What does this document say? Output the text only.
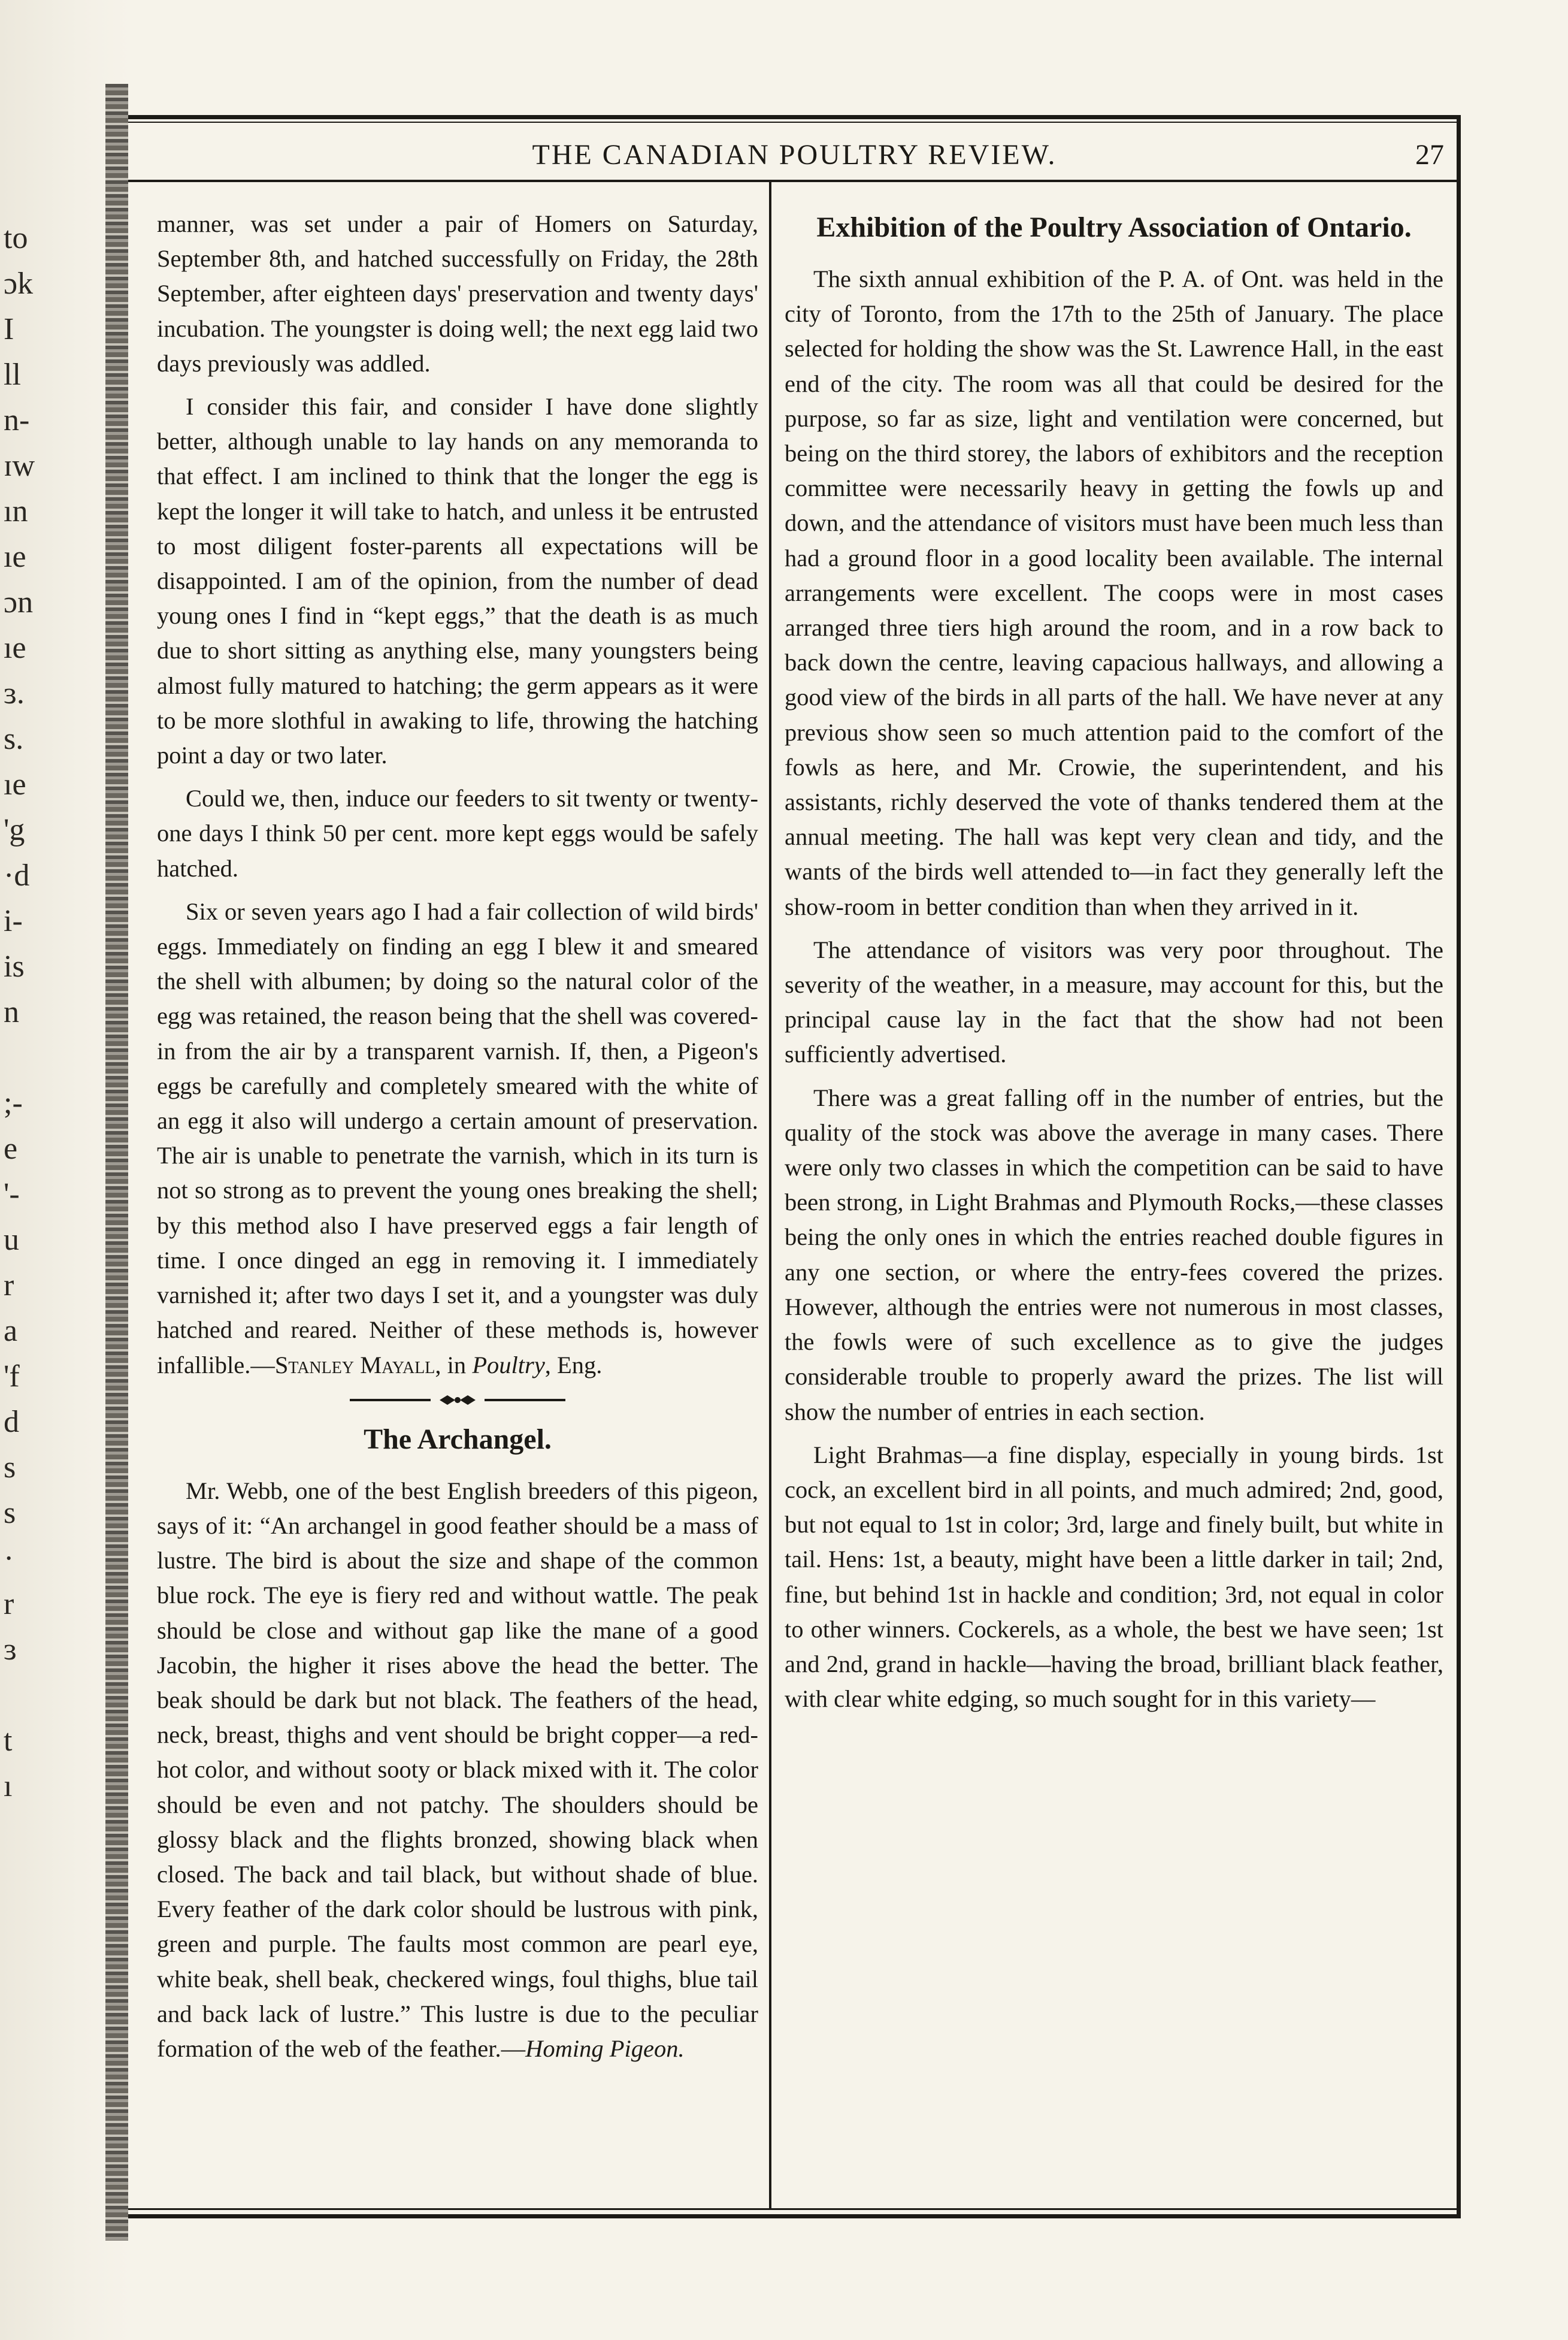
to
ɔk
I
ll
n-
ɪw
ın
ıe
ɔn
ıe
ɜ.
s.
ıe
'g
·d
i-
is
n
;-
e
'-
u
r
a
'f
d
s
s
·
r
ɜ
t
ı
THE CANADIAN POULTRY REVIEW.	27

manner, was set under a pair of Homers on Saturday, September 8th, and hatched successfully on Friday, the 28th September, after eighteen days' preservation and twenty days' incubation. The youngster is doing well; the next egg laid two days previously was addled.

I consider this fair, and consider I have done slightly better, although unable to lay hands on any memoranda to that effect. I am inclined to think that the longer the egg is kept the longer it will take to hatch, and unless it be entrusted to most diligent foster-parents all expectations will be disappointed. I am of the opinion, from the number of dead young ones I find in “kept eggs,” that the death is as much due to short sitting as anything else, many youngsters being almost fully matured to hatching; the germ appears as it were to be more slothful in awaking to life, throwing the hatching point a day or two later.

Could we, then, induce our feeders to sit twenty or twenty-one days I think 50 per cent. more kept eggs would be safely hatched.

Six or seven years ago I had a fair collection of wild birds' eggs. Immediately on finding an egg I blew it and smeared the shell with albumen; by doing so the natural color of the egg was retained, the reason being that the shell was covered-in from the air by a transparent varnish. If, then, a Pigeon's eggs be carefully and completely smeared with the white of an egg it also will undergo a certain amount of preservation. The air is unable to penetrate the varnish, which in its turn is not so strong as to prevent the young ones breaking the shell; by this method also I have preserved eggs a fair length of time. I once dinged an egg in removing it. I immediately varnished it; after two days I set it, and a youngster was duly hatched and reared. Neither of these methods is, however infallible.—Stanley Mayall, in Poultry, Eng.

The Archangel.

Mr. Webb, one of the best English breeders of this pigeon, says of it: “An archangel in good feather should be a mass of lustre. The bird is about the size and shape of the common blue rock. The eye is fiery red and without wattle. The peak should be close and without gap like the mane of a good Jacobin, the higher it rises above the head the better. The beak should be dark but not black. The feathers of the head, neck, breast, thighs and vent should be bright copper—a red-hot color, and without sooty or black mixed with it. The color should be even and not patchy. The shoulders should be glossy black and the flights bronzed, showing black when closed. The back and tail black, but without shade of blue. Every feather of the dark color should be lustrous with pink, green and purple. The faults most common are pearl eye, white beak, shell beak, checkered wings, foul thighs, blue tail and back lack of lustre.” This lustre is due to the peculiar formation of the web of the feather.—Homing Pigeon.

Exhibition of the Poultry Association of Ontario.

The sixth annual exhibition of the P. A. of Ont. was held in the city of Toronto, from the 17th to the 25th of January. The place selected for holding the show was the St. Lawrence Hall, in the east end of the city. The room was all that could be desired for the purpose, so far as size, light and ventilation were concerned, but being on the third storey, the labors of exhibitors and the reception committee were necessarily heavy in getting the fowls up and down, and the attendance of visitors must have been much less than had a ground floor in a good locality been available. The internal arrangements were excellent. The coops were in most cases arranged three tiers high around the room, and in a row back to back down the centre, leaving capacious hallways, and allowing a good view of the birds in all parts of the hall. We have never at any previous show seen so much attention paid to the comfort of the fowls as here, and Mr. Crowie, the superintendent, and his assistants, richly deserved the vote of thanks tendered them at the annual meeting. The hall was kept very clean and tidy, and the wants of the birds well attended to—in fact they generally left the show-room in better condition than when they arrived in it.

The attendance of visitors was very poor throughout. The severity of the weather, in a measure, may account for this, but the principal cause lay in the fact that the show had not been sufficiently advertised.

There was a great falling off in the number of entries, but the quality of the stock was above the average in many cases. There were only two classes in which the competition can be said to have been strong, in Light Brahmas and Plymouth Rocks,—these classes being the only ones in which the entries reached double figures in any one section, or where the entry-fees covered the prizes. However, although the entries were not numerous in most classes, the fowls were of such excellence as to give the judges considerable trouble to properly award the prizes. The list will show the number of entries in each section.

Light Brahmas—a fine display, especially in young birds. 1st cock, an excellent bird in all points, and much admired; 2nd, good, but not equal to 1st in color; 3rd, large and finely built, but white in tail. Hens: 1st, a beauty, might have been a little darker in tail; 2nd, fine, but behind 1st in hackle and condition; 3rd, not equal in color to other winners. Cockerels, as a whole, the best we have seen; 1st and 2nd, grand in hackle—having the broad, brilliant black feather, with clear white edging, so much sought for in this variety—
